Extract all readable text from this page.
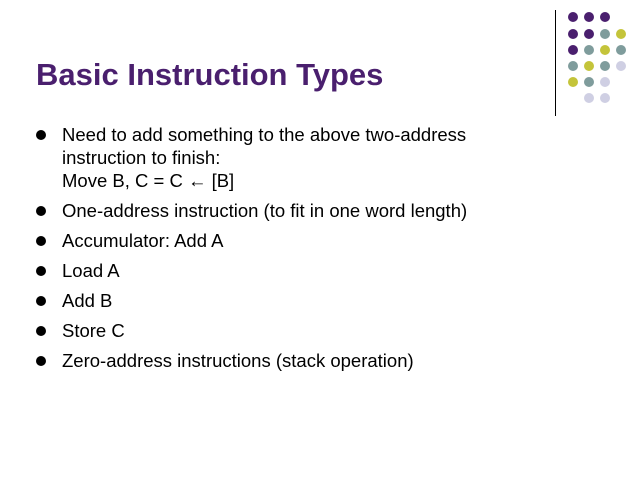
Basic Instruction Types
Need to add something to the above two-address
instruction to finish:
Move B, C = C ← [B]
One-address instruction (to fit in one word length)
Accumulator: Add A
Load A
Add B
Store C
Zero-address instructions (stack operation)
